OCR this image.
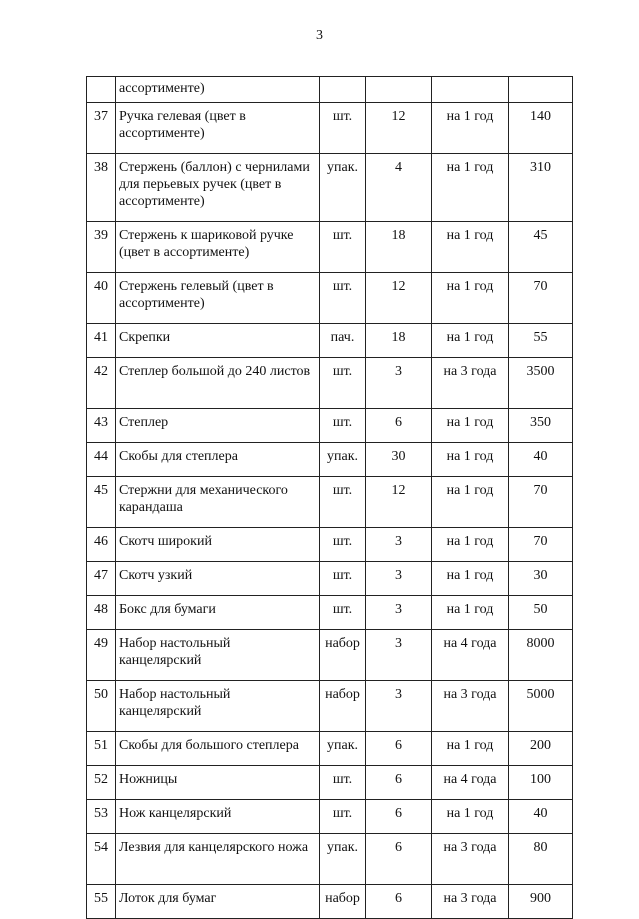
3
	ассортименте)				
37	Ручка гелевая (цвет в ассортименте)	шт.	12	на 1 год	140
38	Стержень (баллон) с чернилами для перьевых ручек (цвет в ассортименте)	упак.	4	на 1 год	310
39	Стержень к шариковой ручке (цвет в ассортименте)	шт.	18	на 1 год	45
40	Стержень гелевый (цвет в ассортименте)	шт.	12	на 1 год	70
41	Скрепки	пач.	18	на 1 год	55
42	Степлер большой до 240 листов	шт.	3	на 3 года	3500
43	Степлер	шт.	6	на 1 год	350
44	Скобы для степлера	упак.	30	на 1 год	40
45	Стержни для механического карандаша	шт.	12	на 1 год	70
46	Скотч широкий	шт.	3	на 1 год	70
47	Скотч узкий	шт.	3	на 1 год	30
48	Бокс для бумаги	шт.	3	на 1 год	50
49	Набор настольный канцелярский	набор	3	на 4 года	8000
50	Набор настольный канцелярский	набор	3	на 3 года	5000
51	Скобы для большого степлера	упак.	6	на 1 год	200
52	Ножницы	шт.	6	на 4 года	100
53	Нож канцелярский	шт.	6	на 1 год	40
54	Лезвия для канцелярского ножа	упак.	6	на 3 года	80
55	Лоток для бумаг	набор	6	на 3 года	900
